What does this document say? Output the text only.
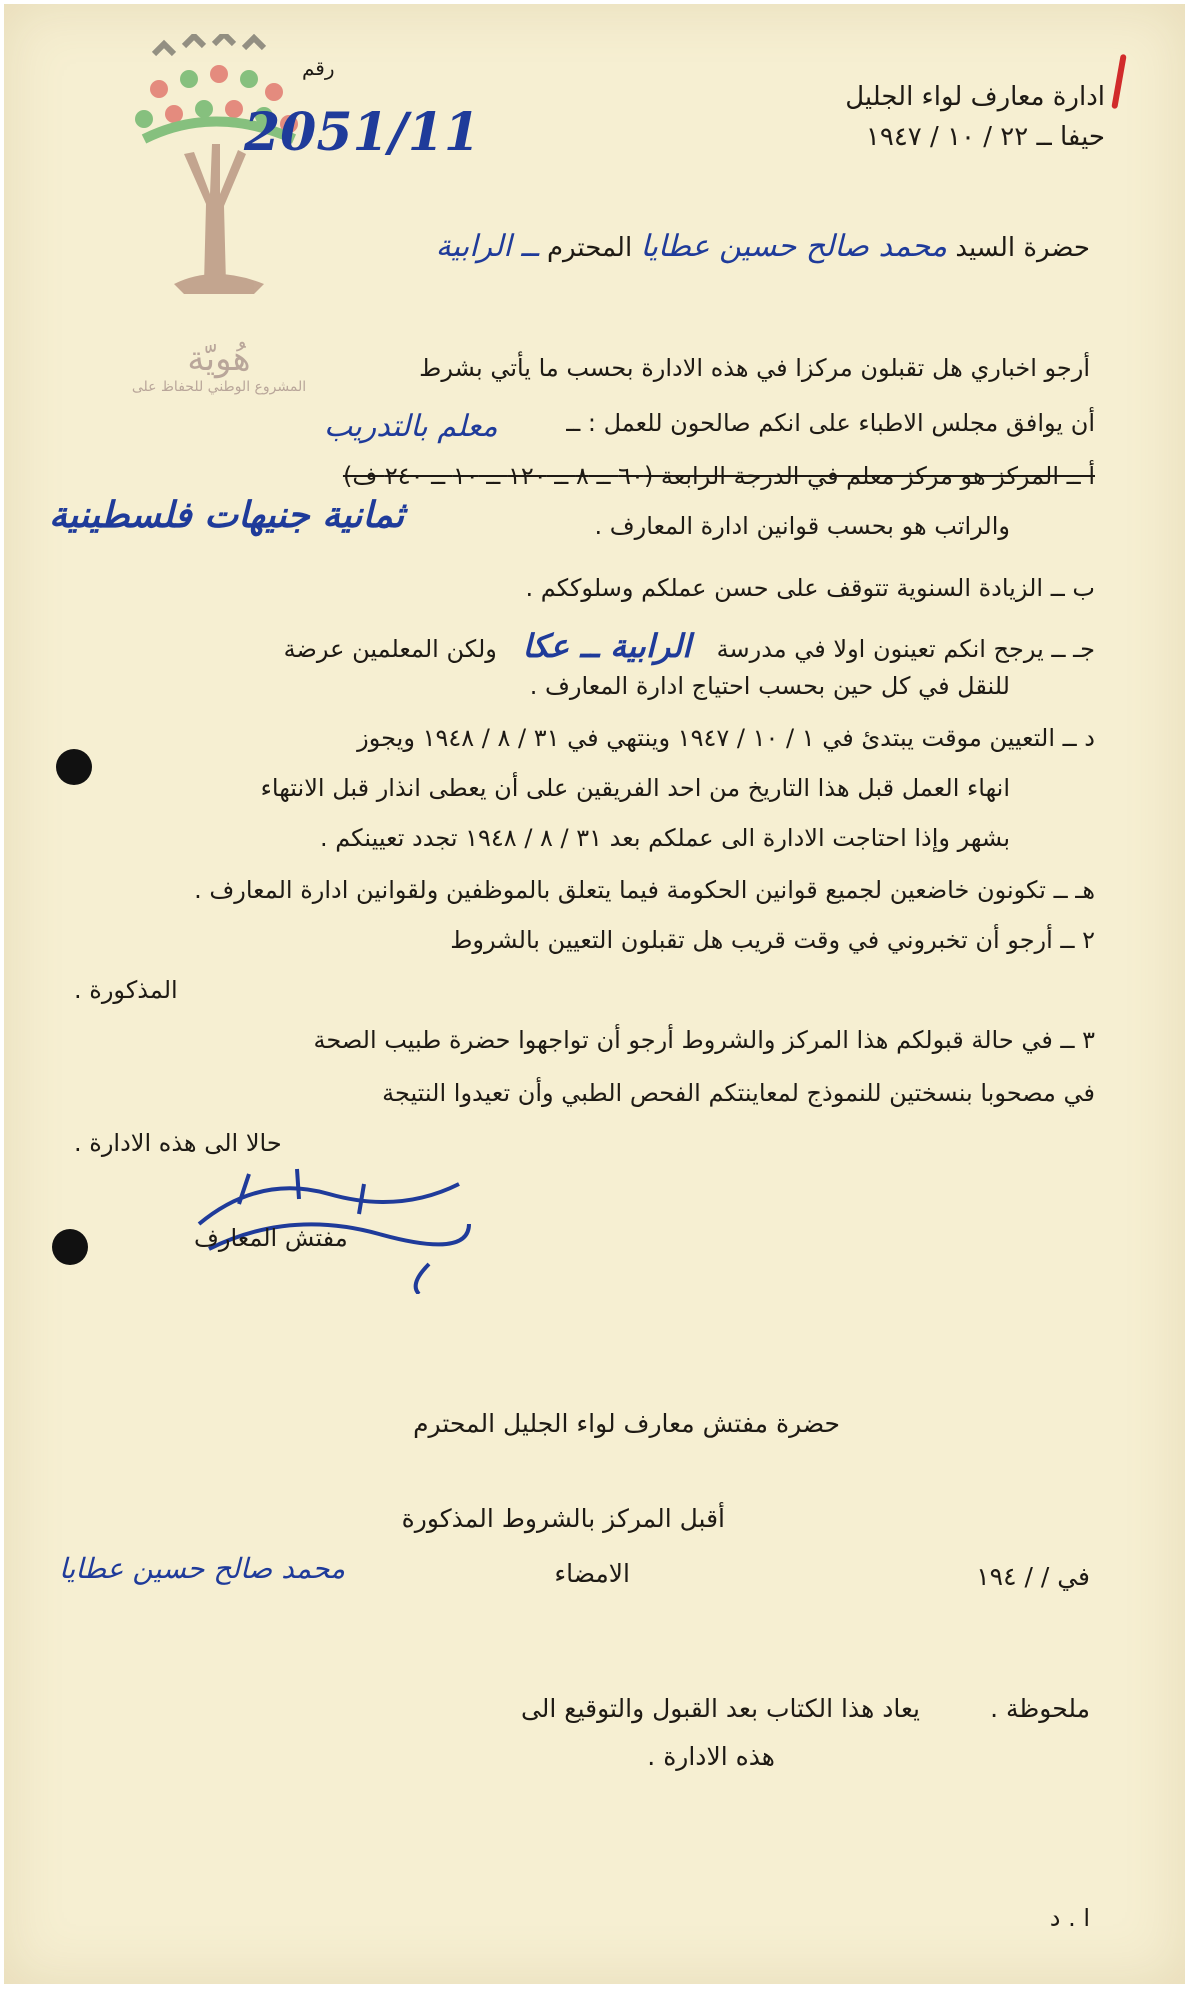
هُويّة
المشروع الوطني للحفاظ على
ادارة معارف لواء الجليل
حيفا ــ ٢٢ / ١٠ / ١٩٤٧
رقم
2051/11
حضرة السيد محمد صالح حسين عطايا المحترم ــ الرابية
أرجو اخباري هل تقبلون مركزا في هذه الادارة بحسب ما يأتي بشرط
أن يوافق مجلس الاطباء على انكم صالحون للعمل : ــ
معلم بالتدريب
أ ــ المركز هو مركز معلم في الدرجة الرابعة (٦٠ ــ ٨ ــ ١٢٠ ــ ١٠ ــ ٢٤٠ ف)
والراتب هو بحسب قوانين ادارة المعارف .
ثمانية جنيهات فلسطينية
ب ــ الزيادة السنوية تتوقف على حسن عملكم وسلوككم .
جـ ــ يرجح انكم تعينون اولا في مدرسة الرابية ــ عكا ولكن المعلمين عرضة
للنقل في كل حين بحسب احتياج ادارة المعارف .
د ــ التعيين موقت يبتدئ في ١ / ١٠ / ١٩٤٧ وينتهي في ٣١ / ٨ / ١٩٤٨ ويجوز
انهاء العمل قبل هذا التاريخ من احد الفريقين على أن يعطى انذار قبل الانتهاء
بشهر وإذا احتاجت الادارة الى عملكم بعد ٣١ / ٨ / ١٩٤٨ تجدد تعيينكم .
هـ ــ تكونون خاضعين لجميع قوانين الحكومة فيما يتعلق بالموظفين ولقوانين ادارة المعارف .
٢ ــ أرجو أن تخبروني في وقت قريب هل تقبلون التعيين بالشروط
المذكورة .
٣ ــ في حالة قبولكم هذا المركز والشروط أرجو أن تواجهوا حضرة طبيب الصحة
في مصحوبا بنسختين للنموذج لمعاينتكم الفحص الطبي وأن تعيدوا النتيجة
حالا الى هذه الادارة .
مفتش المعارف
حضرة مفتش معارف لواء الجليل المحترم
أقبل المركز بالشروط المذكورة
في / / ١٩٤
الامضاء
محمد صالح حسين عطايا
ملحوظة .
يعاد هذا الكتاب بعد القبول والتوقيع الى
هذه الادارة .
ا . د
